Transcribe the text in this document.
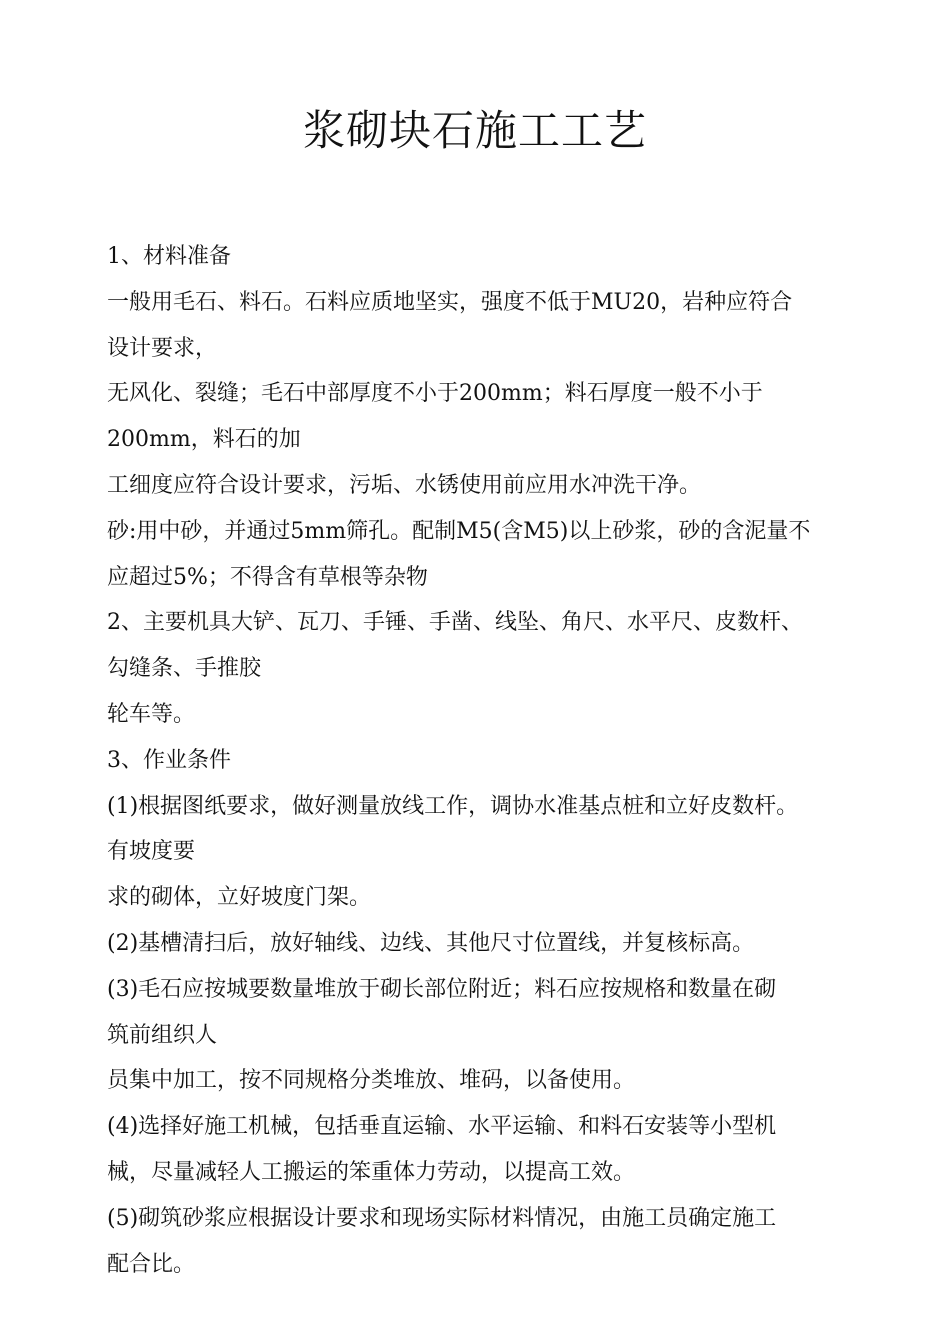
浆砌块石施工工艺
1、材料准备
一般用毛石、料石。石料应质地坚实，强度不低于MU20，岩种应符合
设计要求，
无风化、裂缝；毛石中部厚度不小于200mm；料石厚度一般不小于
200mm，料石的加
工细度应符合设计要求，污垢、水锈使用前应用水冲洗干净。
砂:用中砂，并通过5mm筛孔。配制M5(含M5)以上砂浆，砂的含泥量不
应超过5%；不得含有草根等杂物
2、主要机具大铲、瓦刀、手锤、手凿、线坠、角尺、水平尺、皮数杆、
勾缝条、手推胶
轮车等。
3、作业条件
(1)根据图纸要求，做好测量放线工作，调协水准基点桩和立好皮数杆。
有坡度要
求的砌体，立好坡度门架。
(2)基槽清扫后，放好轴线、边线、其他尺寸位置线，并复核标高。
(3)毛石应按城要数量堆放于砌长部位附近；料石应按规格和数量在砌
筑前组织人
员集中加工，按不同规格分类堆放、堆码，以备使用。
(4)选择好施工机械，包括垂直运输、水平运输、和料石安装等小型机
械，尽量减轻人工搬运的笨重体力劳动，以提高工效。
(5)砌筑砂浆应根据设计要求和现场实际材料情况，由施工员确定施工
配合比。
